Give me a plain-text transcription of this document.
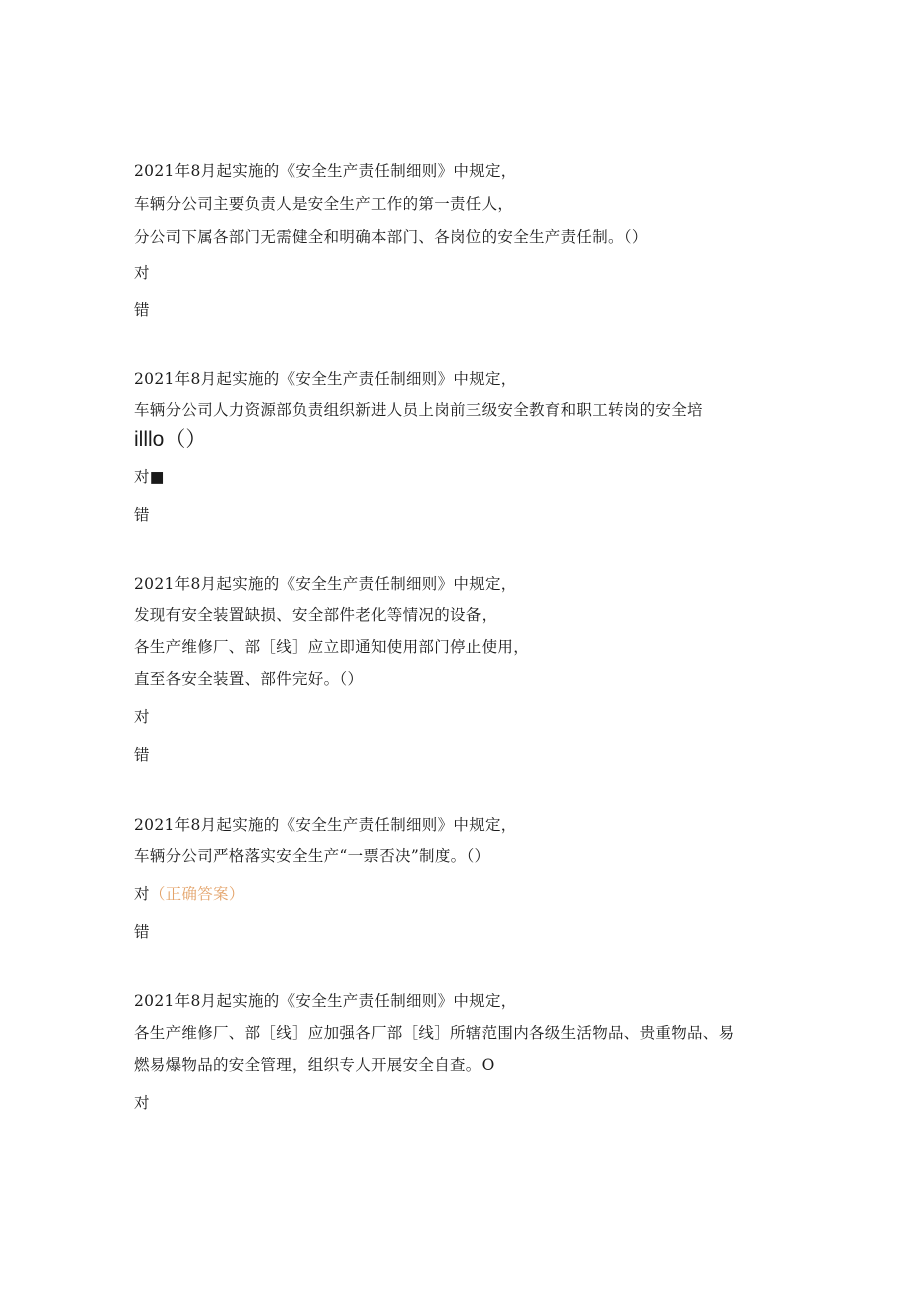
2021年8月起实施的《安全生产责任制细则》中规定，
车辆分公司主要负责人是安全生产工作的第一责任人，
分公司下属各部门无需健全和明确本部门、各岗位的安全生产责任制。（）
对
错
2021年8月起实施的《安全生产责任制细则》中规定，
车辆分公司人力资源部负责组织新进人员上岗前三级安全教育和职工转岗的安全培
illlo（）
对■
错
2021年8月起实施的《安全生产责任制细则》中规定，
发现有安全装置缺损、安全部件老化等情况的设备，
各生产维修厂、部［线］应立即通知使用部门停止使用，
直至各安全装置、部件完好。（）
对
错
2021年8月起实施的《安全生产责任制细则》中规定，
车辆分公司严格落实安全生产“一票否决”制度。（）
对（正确答案）
错
2021年8月起实施的《安全生产责任制细则》中规定，
各生产维修厂、部［线］应加强各厂部［线］所辖范围内各级生活物品、贵重物品、易
燃易爆物品的安全管理，组织专人开展安全自查。O
对
